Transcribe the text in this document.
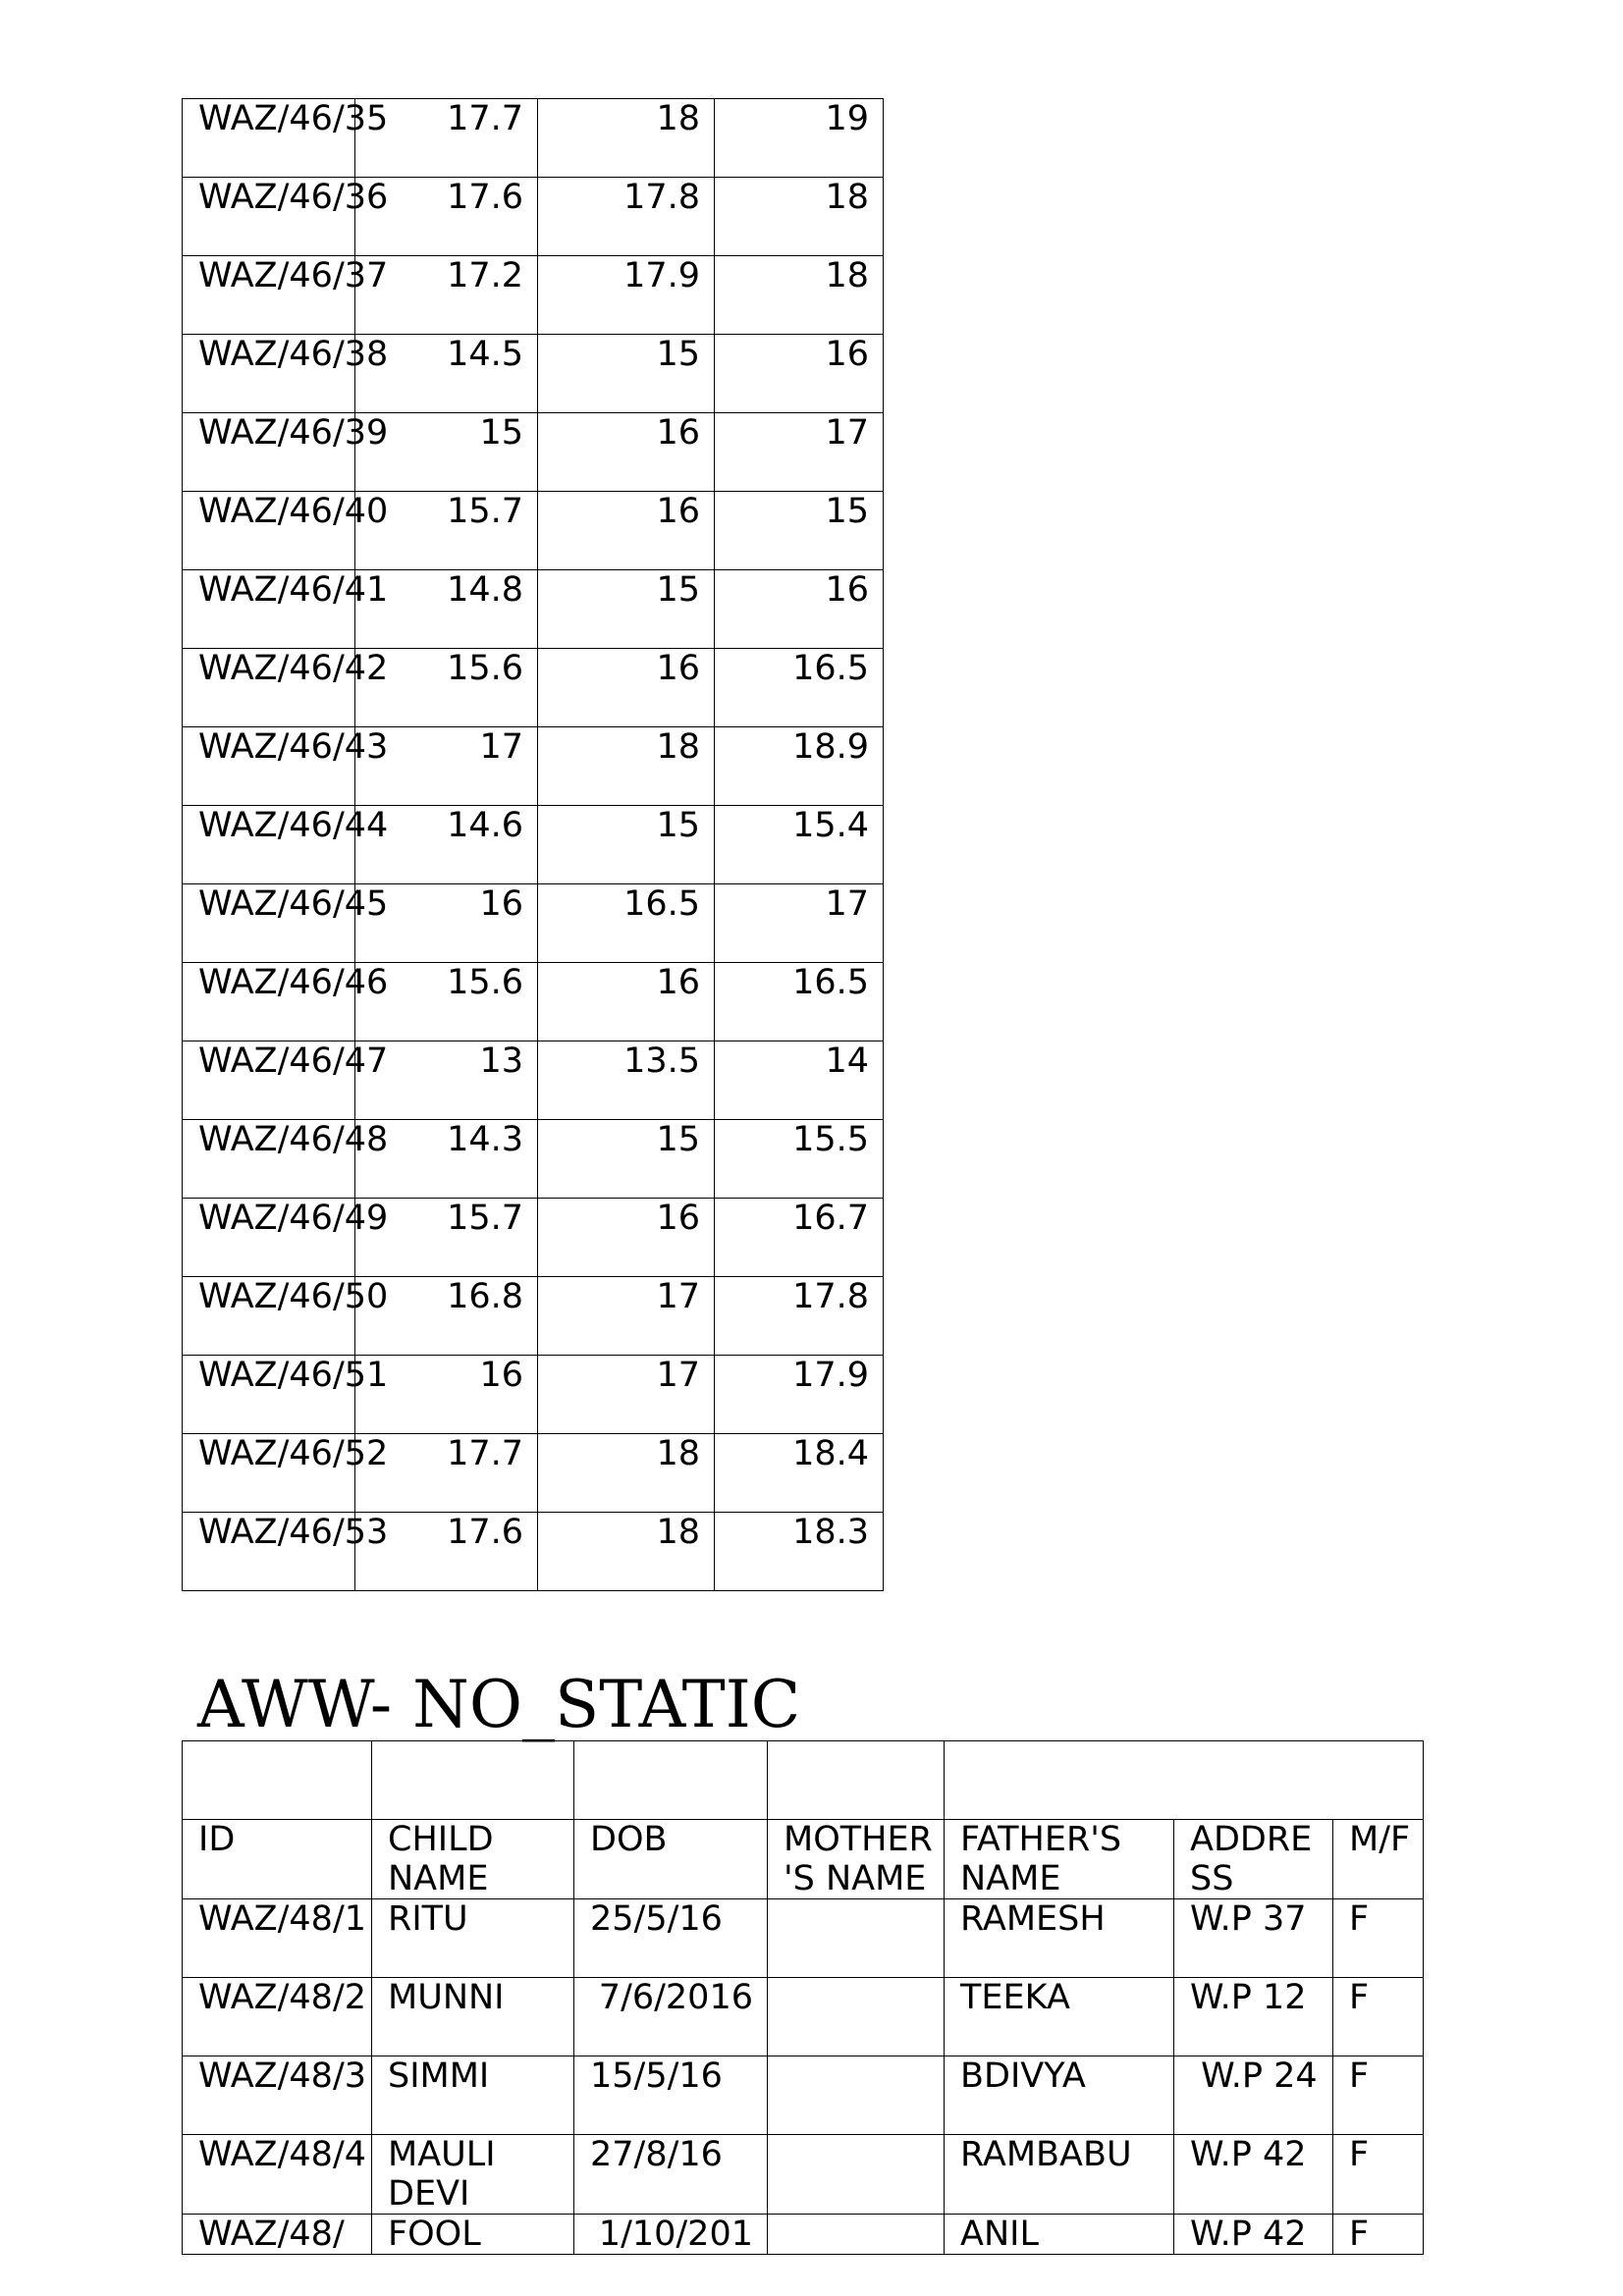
WAZ/46/35	17.7	18	19
WAZ/46/36	17.6	17.8	18
WAZ/46/37	17.2	17.9	18
WAZ/46/38	14.5	15	16
WAZ/46/39	15	16	17
WAZ/46/40	15.7	16	15
WAZ/46/41	14.8	15	16
WAZ/46/42	15.6	16	16.5
WAZ/46/43	17	18	18.9
WAZ/46/44	14.6	15	15.4
WAZ/46/45	16	16.5	17
WAZ/46/46	15.6	16	16.5
WAZ/46/47	13	13.5	14
WAZ/46/48	14.3	15	15.5
WAZ/46/49	15.7	16	16.7
WAZ/46/50	16.8	17	17.8
WAZ/46/51	16	17	17.9
WAZ/46/52	17.7	18	18.4
WAZ/46/53	17.6	18	18.3
AWW- NO_STATIC

ID	CHILD NAME	DOB	MOTHER 'S NAME	FATHER'S NAME	ADDRE SS	M/F
WAZ/48/1	RITU	25/5/16		RAMESH	W.P 37	F
WAZ/48/2	MUNNI	7/6/2016		TEEKA	W.P 12	F
WAZ/48/3	SIMMI	15/5/16		BDIVYA	W.P 24	F
WAZ/48/4	MAULI DEVI	27/8/16		RAMBABU	W.P 42	F
WAZ/48/	FOOL	1/10/201		ANIL	W.P 42	F
